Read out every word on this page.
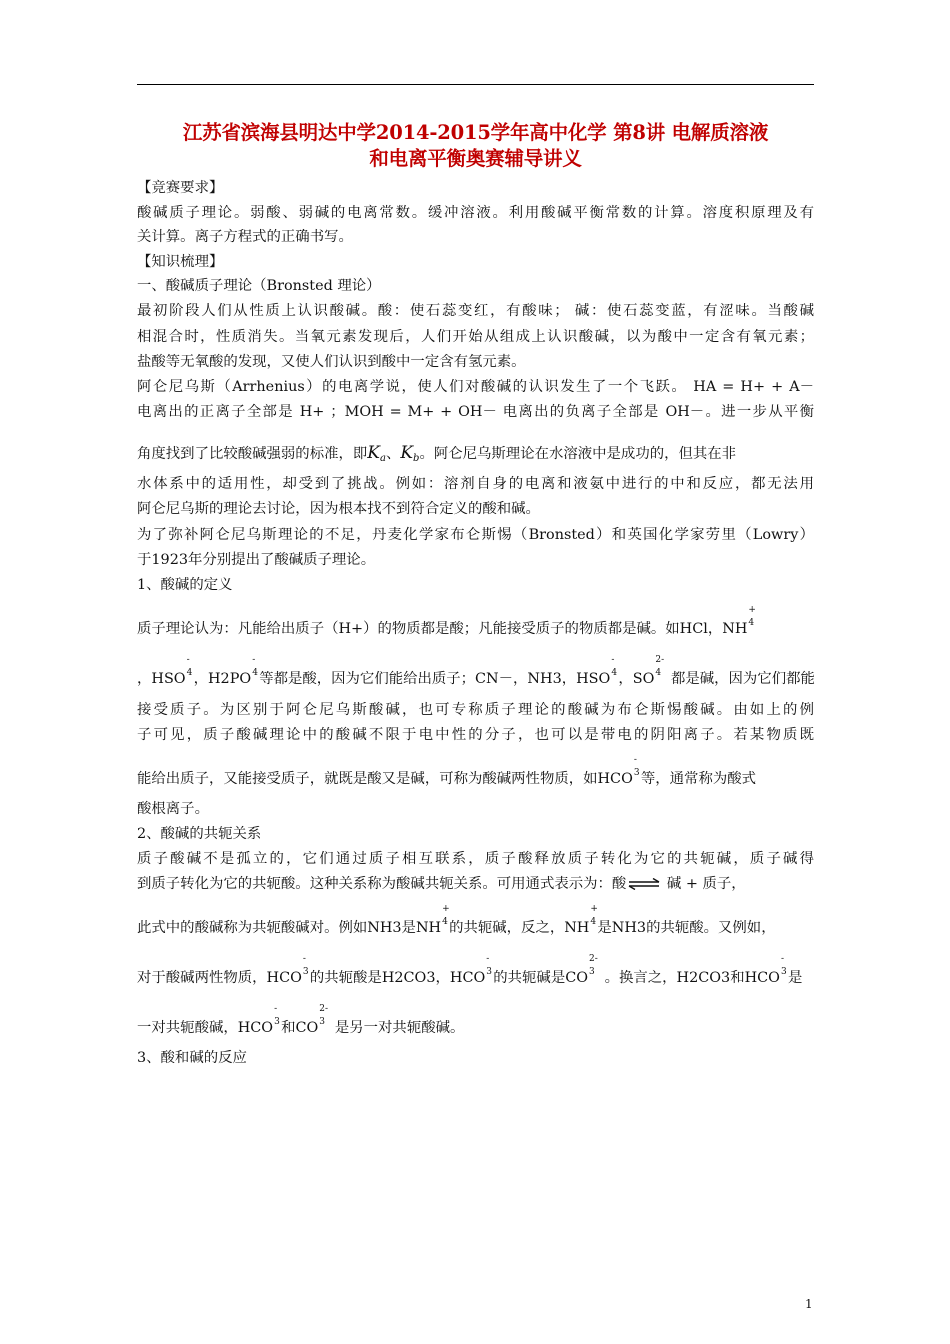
江苏省滨海县明达中学2014-2015学年高中化学 第8讲 电解质溶液
和电离平衡奥赛辅导讲义
【竞赛要求】
酸碱质子理论。弱酸、弱碱的电离常数。缓冲溶液。利用酸碱平衡常数的计算。溶度积原理及有
关计算。离子方程式的正确书写。
【知识梳理】
一、酸碱质子理论（Bronsted 理论）
最初阶段人们从性质上认识酸碱。酸：使石蕊变红，有酸味； 碱：使石蕊变蓝，有涩味。当酸碱
相混合时，性质消失。当氧元素发现后，人们开始从组成上认识酸碱，以为酸中一定含有氧元素；
盐酸等无氧酸的发现，又使人们认识到酸中一定含有氢元素。
阿仑尼乌斯（Arrhenius）的电离学说，使人们对酸碱的认识发生了一个飞跃。 HA = H+ + A－
电离出的正离子全部是 H+ ；MOH = M+ + OH－ 电离出的负离子全部是 OH－。进一步从平衡
角度找到了比较酸碱强弱的标准，即$K_a$、$K_b$。阿仑尼乌斯理论在水溶液中是成功的，但其在非
水体系中的适用性，却受到了挑战。例如：溶剂自身的电离和液氨中进行的中和反应，都无法用
阿仑尼乌斯的理论去讨论，因为根本找不到符合定义的酸和碱。
为了弥补阿仑尼乌斯理论的不足，丹麦化学家布仑斯惕（Bronsted）和英国化学家劳里（Lowry）
于1923年分别提出了酸碱质子理论。
1、酸碱的定义
质子理论认为：凡能给出质子（H+）的物质都是酸；凡能接受质子的物质都是碱。如HCl，NH
+
4
，HSO
-
4 ，H2PO
-
4 等都是酸，因为它们能给出质子；CN－，NH3，HSO
-
4 ，SO
2-
4 都是碱，因为它们都能
接受质子。为区别于阿仑尼乌斯酸碱，也可专称质子理论的酸碱为布仑斯惕酸碱。由如上的例
子可见，质子酸碱理论中的酸碱不限于电中性的分子，也可以是带电的阴阳离子。若某物质既
能给出质子，又能接受质子，就既是酸又是碱，可称为酸碱两性物质，如HCO
-
3 等，通常称为酸式
酸根离子。
2、酸碱的共轭关系
质子酸碱不是孤立的，它们通过质子相互联系，质子酸释放质子转化为它的共轭碱，质子碱得
到质子转化为它的共轭酸。这种关系称为酸碱共轭关系。可用通式表示为：酸⇌ 碱 + 质子，
此式中的酸碱称为共轭酸碱对。例如NH3是NH
+
4 的共轭碱，反之，NH
+
4 是NH3的共轭酸。又例如，
对于酸碱两性物质，HCO
-
3 的共轭酸是H2CO3，HCO
-
3 的共轭碱是CO
2-
3 。换言之，H2CO3和HCO
-
3 是
一对共轭酸碱，HCO
-
3 和CO
2-
3 是另一对共轭酸碱。
3、酸和碱的反应
1
